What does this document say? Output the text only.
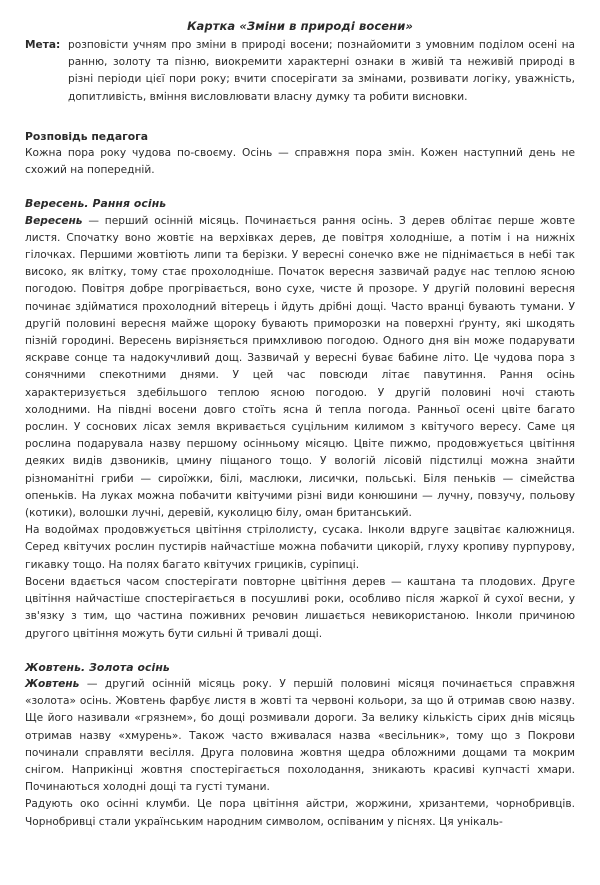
Картка «Зміни в природі восени»
Мета: розповісти учням про зміни в природі восени; познайомити з умовним поділом осені на ранню, золоту та пізню, виокремити характерні ознаки в живій та неживій природі в різні періоди цієї пори року; вчити спосерігати за змінами, розвивати логіку, уважність, допитливість, вміння висловлювати власну думку та робити висновки.
Розповідь педагога

Кожна пора року чудова по-своєму. Осінь — справжня пора змін. Кожен наступний день не схожий на попередній.

Вересень. Рання осінь

Вересень — перший осінній місяць. Починається рання осінь. З дерев облітає перше жовте листя. Спочатку воно жовтіє на верхівках дерев, де повітря холодніше, а потім і на нижніх гілочках. Першими жовтіють липи та берізки. У вересні сонечко вже не піднімається в небі так високо, як влітку, тому стає прохолодніше. Початок вересня зазвичай радує нас теплою ясною погодою. Повітря добре прогрівається, воно сухе, чисте й прозоре. У другій половині вересня починає здійматися прохолодний вітерець і йдуть дрібні дощі. Часто вранці бувають тумани. У другій половині вересня майже щороку бувають приморозки на поверхні ґрунту, які шкодять пізній городині. Вересень вирізняється примхливою погодою. Одного дня він може подарувати яскраве сонце та надокучливий дощ. Зазвичай у вересні буває бабине літо. Це чудова пора з сонячними спекотними днями. У цей час повсюди літає павутиння. Рання осінь характеризується здебільшого теплою ясною погодою. У другій половині ночі стають холодними. На півдні восени довго стоїть ясна й тепла погода. Ранньої осені цвіте багато рослин. У соснових лісах земля вкривається суцільним килимом з квітучого вересу. Саме ця рослина подарувала назву першому осінньому місяцю. Цвіте пижмо, продовжується цвітіння деяких видів дзвоників, цмину піщаного тощо. У вологій лісовій підстилці можна знайти різноманітні гриби — сироїжки, білі, маслюки, лисички, польські. Біля пеньків — сімейства опеньків. На луках можна побачити квітучими різні види конюшини — лучну, повзучу, польову (котики), волошки лучні, деревій, куколицю білу, оман британський.

На водоймах продовжується цвітіння стрілолисту, сусака. Інколи вдруге зацвітає калюжниця. Серед квітучих рослин пустирів найчастіше можна побачити цикорій, глуху кропиву пурпурову, гикавку тощо. На полях багато квітучих грициків, суріпиці.

Восени вдається часом спостерігати повторне цвітіння дерев — каштана та плодових. Друге цвітіння найчастіше спостерігається в посушливі роки, особливо після жаркої й сухої весни, у зв'язку з тим, що частина поживних речовин лишається невикористаною. Інколи причиною другого цвітіння можуть бути сильні й тривалі дощі.

Жовтень. Золота осінь

Жовтень — другий осінній місяць року. У першій половині місяця починається справжня «золота» осінь. Жовтень фарбує листя в жовті та червоні кольори, за що й отримав свою назву. Ще його називали «грязнем», бо дощі розмивали дороги. За велику кількість сірих днів місяць отримав назву «хмурень». Також часто вживалася назва «весільник», тому що з Покрови починали справляти весілля. Друга половина жовтня щедра обложними дощами та мокрим снігом. Наприкінці жовтня спостерігається похолодання, зникають красиві купчасті хмари. Починаються холодні дощі та густі тумани.

Радують око осінні клумби. Це пора цвітіння айстри, жоржини, хризантеми, чорнобривців. Чорнобривці стали українським народним символом, оспіваним у піснях. Ця унікаль-
